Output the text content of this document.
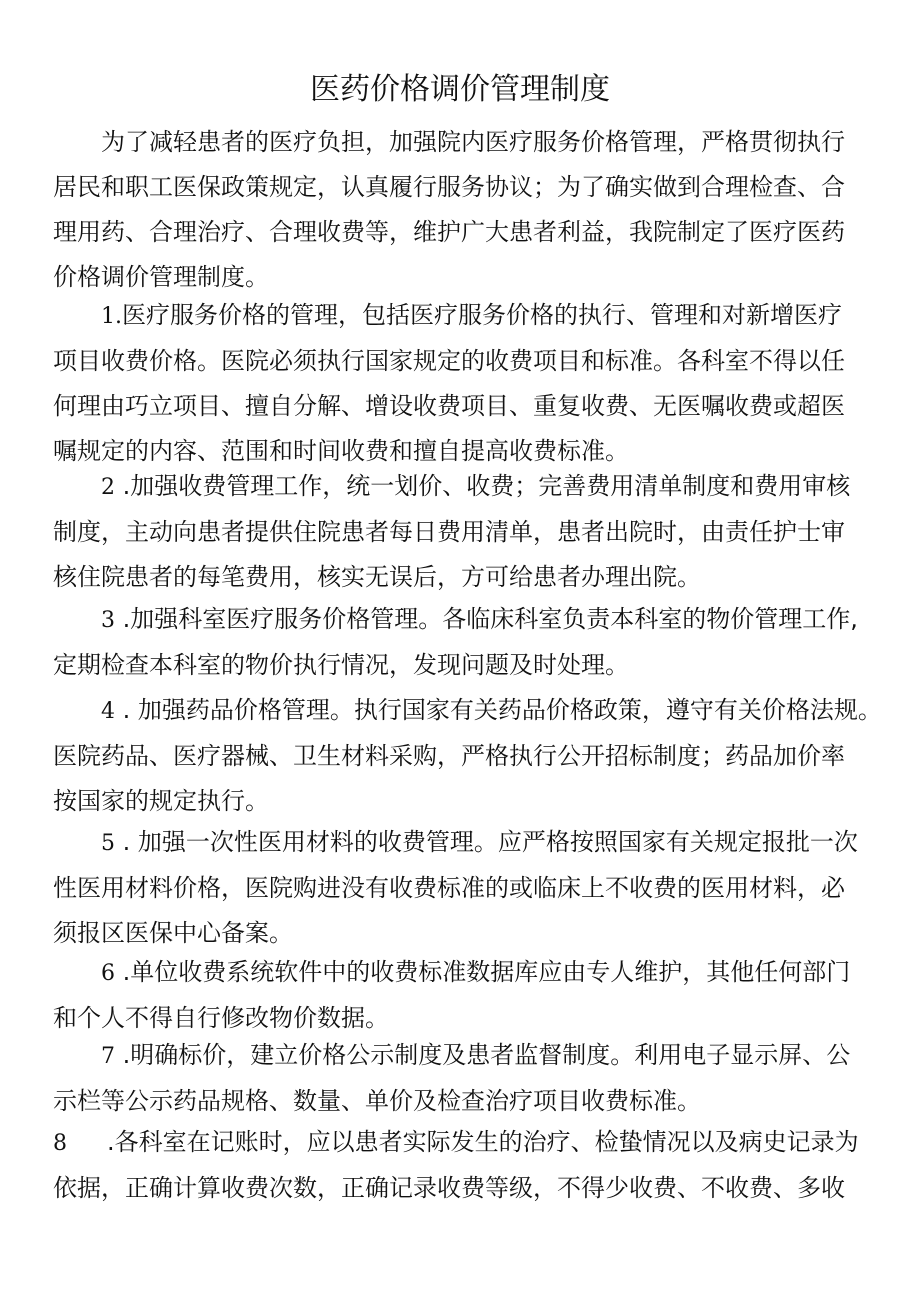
医药价格调价管理制度
为了减轻患者的医疗负担，加强院内医疗服务价格管理，严格贯彻执行
居民和职工医保政策规定，认真履行服务协议；为了确实做到合理检查、合
理用药、合理治疗、合理收费等，维护广大患者利益，我院制定了医疗医药
价格调价管理制度。
1.医疗服务价格的管理，包括医疗服务价格的执行、管理和对新增医疗
项目收费价格。医院必须执行国家规定的收费项目和标准。各科室不得以任
何理由巧立项目、擅自分解、增设收费项目、重复收费、无医嘱收费或超医
嘱规定的内容、范围和时间收费和擅自提高收费标准。
2 .加强收费管理工作，统一划价、收费；完善费用清单制度和费用审核
制度，主动向患者提供住院患者每日费用清单，患者出院时，由责任护士审
核住院患者的每笔费用，核实无误后，方可给患者办理出院。
3 .加强科室医疗服务价格管理。各临床科室负责本科室的物价管理工作,
定期检查本科室的物价执行情况，发现问题及时处理。
4 . 加强药品价格管理。执行国家有关药品价格政策，遵守有关价格法规。
医院药品、医疗器械、卫生材料采购，严格执行公开招标制度；药品加价率
按国家的规定执行。
5 . 加强一次性医用材料的收费管理。应严格按照国家有关规定报批一次
性医用材料价格，医院购进没有收费标准的或临床上不收费的医用材料，必
须报区医保中心备案。
6 .单位收费系统软件中的收费标准数据库应由专人维护，其他任何部门
和个人不得自行修改物价数据。
7 .明确标价，建立价格公示制度及患者监督制度。利用电子显示屏、公
示栏等公示药品规格、数量、单价及检查治疗项目收费标准。
8 .各科室在记账时，应以患者实际发生的治疗、检蛰情况以及病史记录为
依据，正确计算收费次数，正确记录收费等级，不得少收费、不收费、多收
